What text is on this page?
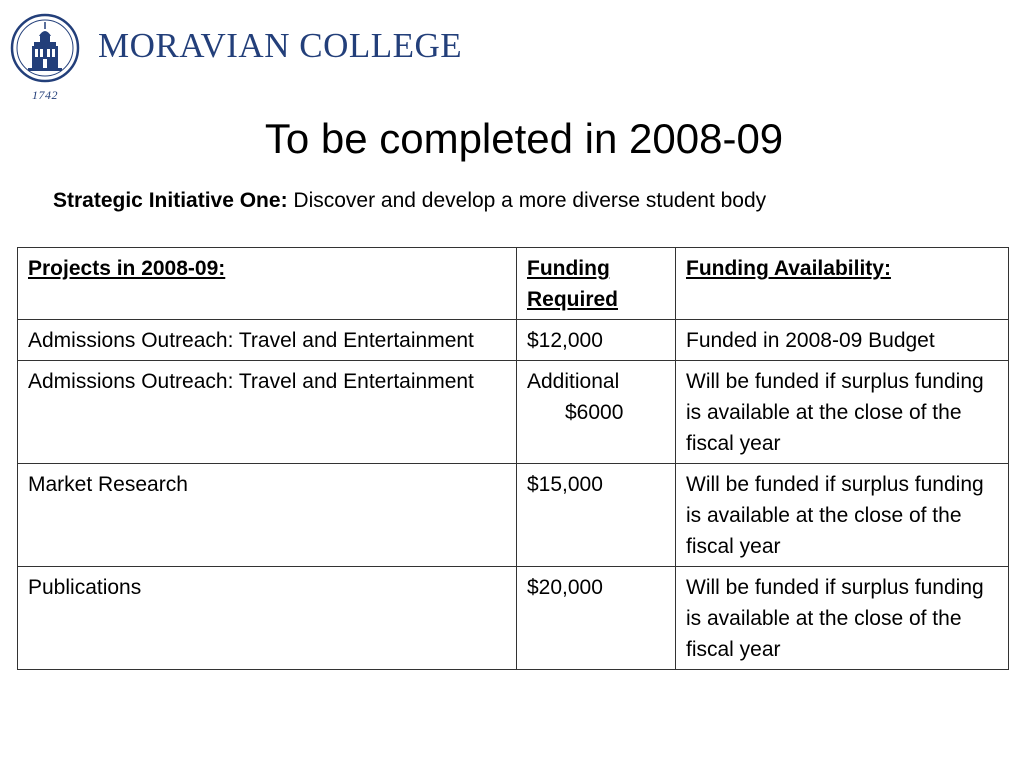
1742
MORAVIAN COLLEGE
To be completed in 2008-09
Strategic Initiative One: Discover and develop a more diverse student body
Projects in 2008-09:	Funding Required	Funding Availability:

Admissions Outreach: Travel and Entertainment	$12,000	Funded in 2008-09 Budget

Admissions Outreach: Travel and Entertainment	Additional $6000	Will be funded if surplus funding is available at the close of the fiscal year

Market Research	$15,000	Will be funded if surplus funding is available at the close of the fiscal year

Publications	$20,000	Will be funded if surplus funding is available at the close of the fiscal year
